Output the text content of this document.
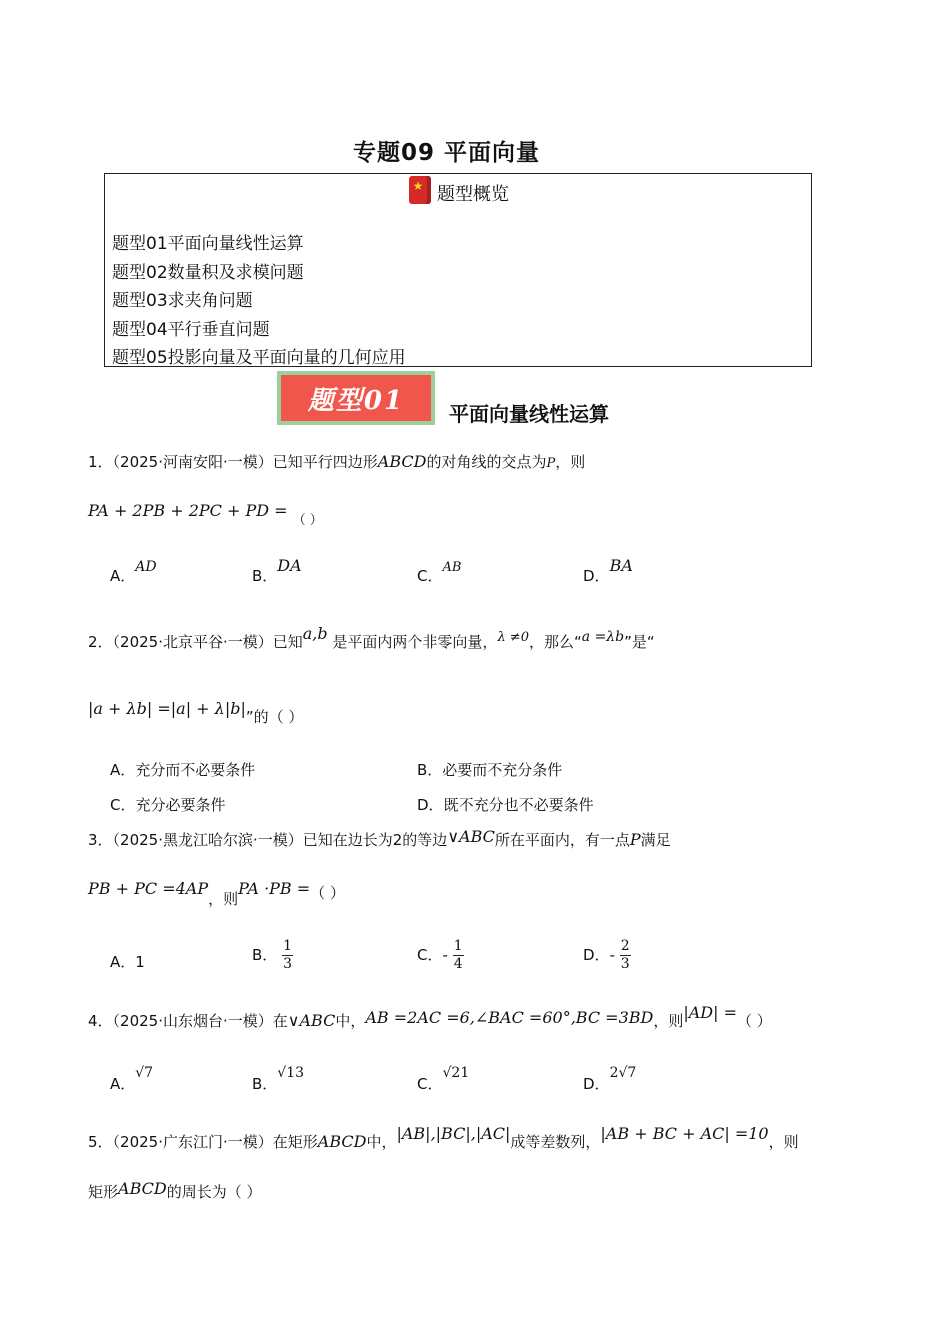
专题09 平面向量
★ 题型概览
题型01平面向量线性运算
题型02数量积及求模问题
题型03求夹角问题
题型04平行垂直问题
题型05投影向量及平面向量的几何应用
题型01	平面向量线性运算
1．（2025·河南安阳·一模）已知平行四边形ABCD的对角线的交点为P，则
PA + 2PB + 2PC + PD = $_{( )}$
A．AD	B．DA
C．AB	D．BA
2．（2025·北京平谷·一模）已知a,b 是平面内两个非零向量，λ ≠0，那么“a =λb”是“
|a + λb| =|a| + λ|b|”的（ ）
A．充分而不必要条件	B．必要而不充分条件
C．充分必要条件	D．既不充分也不必要条件
3．（2025·黑龙江哈尔滨·一模）已知在边长为2的等边∨ABC所在平面内，有一点P满足
PB + PC =4AP，则PA ·PB =（ ）
A．1	B． $\frac{1}{3}$	C．- $\frac{1}{4}$	D．- $\frac{2}{3}$
4．（2025·山东烟台·一模）在∨ABC中，AB =2AC =6,∠BAC =60°,BC =3BD，则|AD| =（ ）
A．√7
B．√13
C．√21
D．2√7
5．（2025·广东江门·一模）在矩形ABCD中，|AB|,|BC|,|AC|成等差数列，|AB + BC + AC| =10，则
矩形ABCD的周长为（ ）
